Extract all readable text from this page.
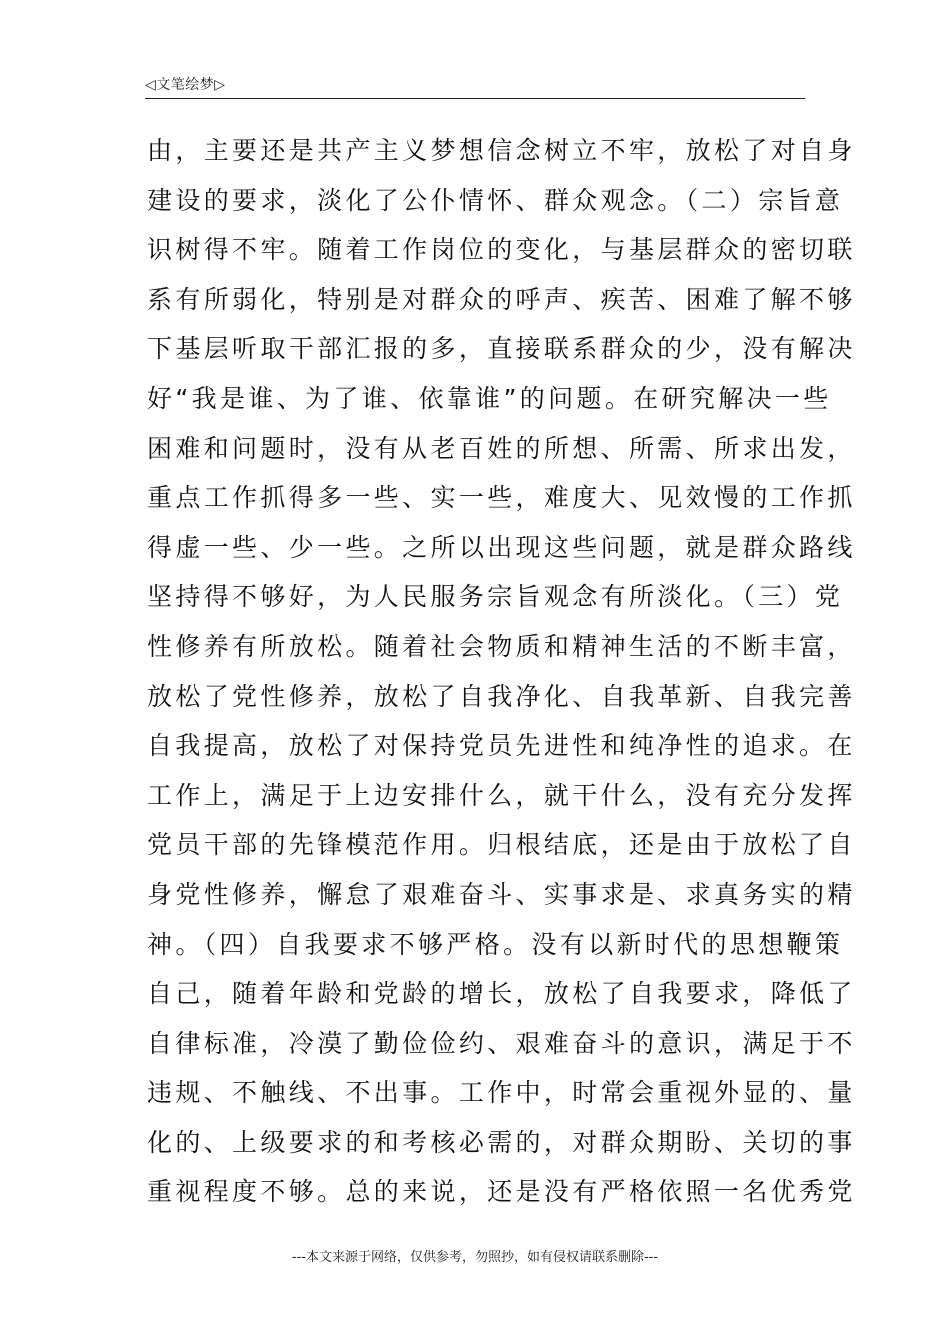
◁文笔绘梦▷
由，主要还是共产主义梦想信念树立不牢，放松了对自身
建设的要求，淡化了公仆情怀、群众观念。（二）宗旨意
识树得不牢。随着工作岗位的变化，与基层群众的密切联
系有所弱化，特别是对群众的呼声、疾苦、困难了解不够
下基层听取干部汇报的多，直接联系群众的少，没有解决
好“我是谁、为了谁、依靠谁”的问题。在研究解决一些
困难和问题时，没有从老百姓的所想、所需、所求出发，
重点工作抓得多一些、实一些，难度大、见效慢的工作抓
得虚一些、少一些。之所以出现这些问题，就是群众路线
坚持得不够好，为人民服务宗旨观念有所淡化。（三）党
性修养有所放松。随着社会物质和精神生活的不断丰富，
放松了党性修养，放松了自我净化、自我革新、自我完善
自我提高，放松了对保持党员先进性和纯净性的追求。在
工作上，满足于上边安排什么，就干什么，没有充分发挥
党员干部的先锋模范作用。归根结底，还是由于放松了自
身党性修养，懈怠了艰难奋斗、实事求是、求真务实的精
神。（四）自我要求不够严格。没有以新时代的思想鞭策
自己，随着年龄和党龄的增长，放松了自我要求，降低了
自律标准，冷漠了勤俭俭约、艰难奋斗的意识，满足于不
违规、不触线、不出事。工作中，时常会重视外显的、量
化的、上级要求的和考核必需的，对群众期盼、关切的事
重视程度不够。总的来说，还是没有严格依照一名优秀党
---本文来源于网络，仅供参考，勿照抄，如有侵权请联系删除---
